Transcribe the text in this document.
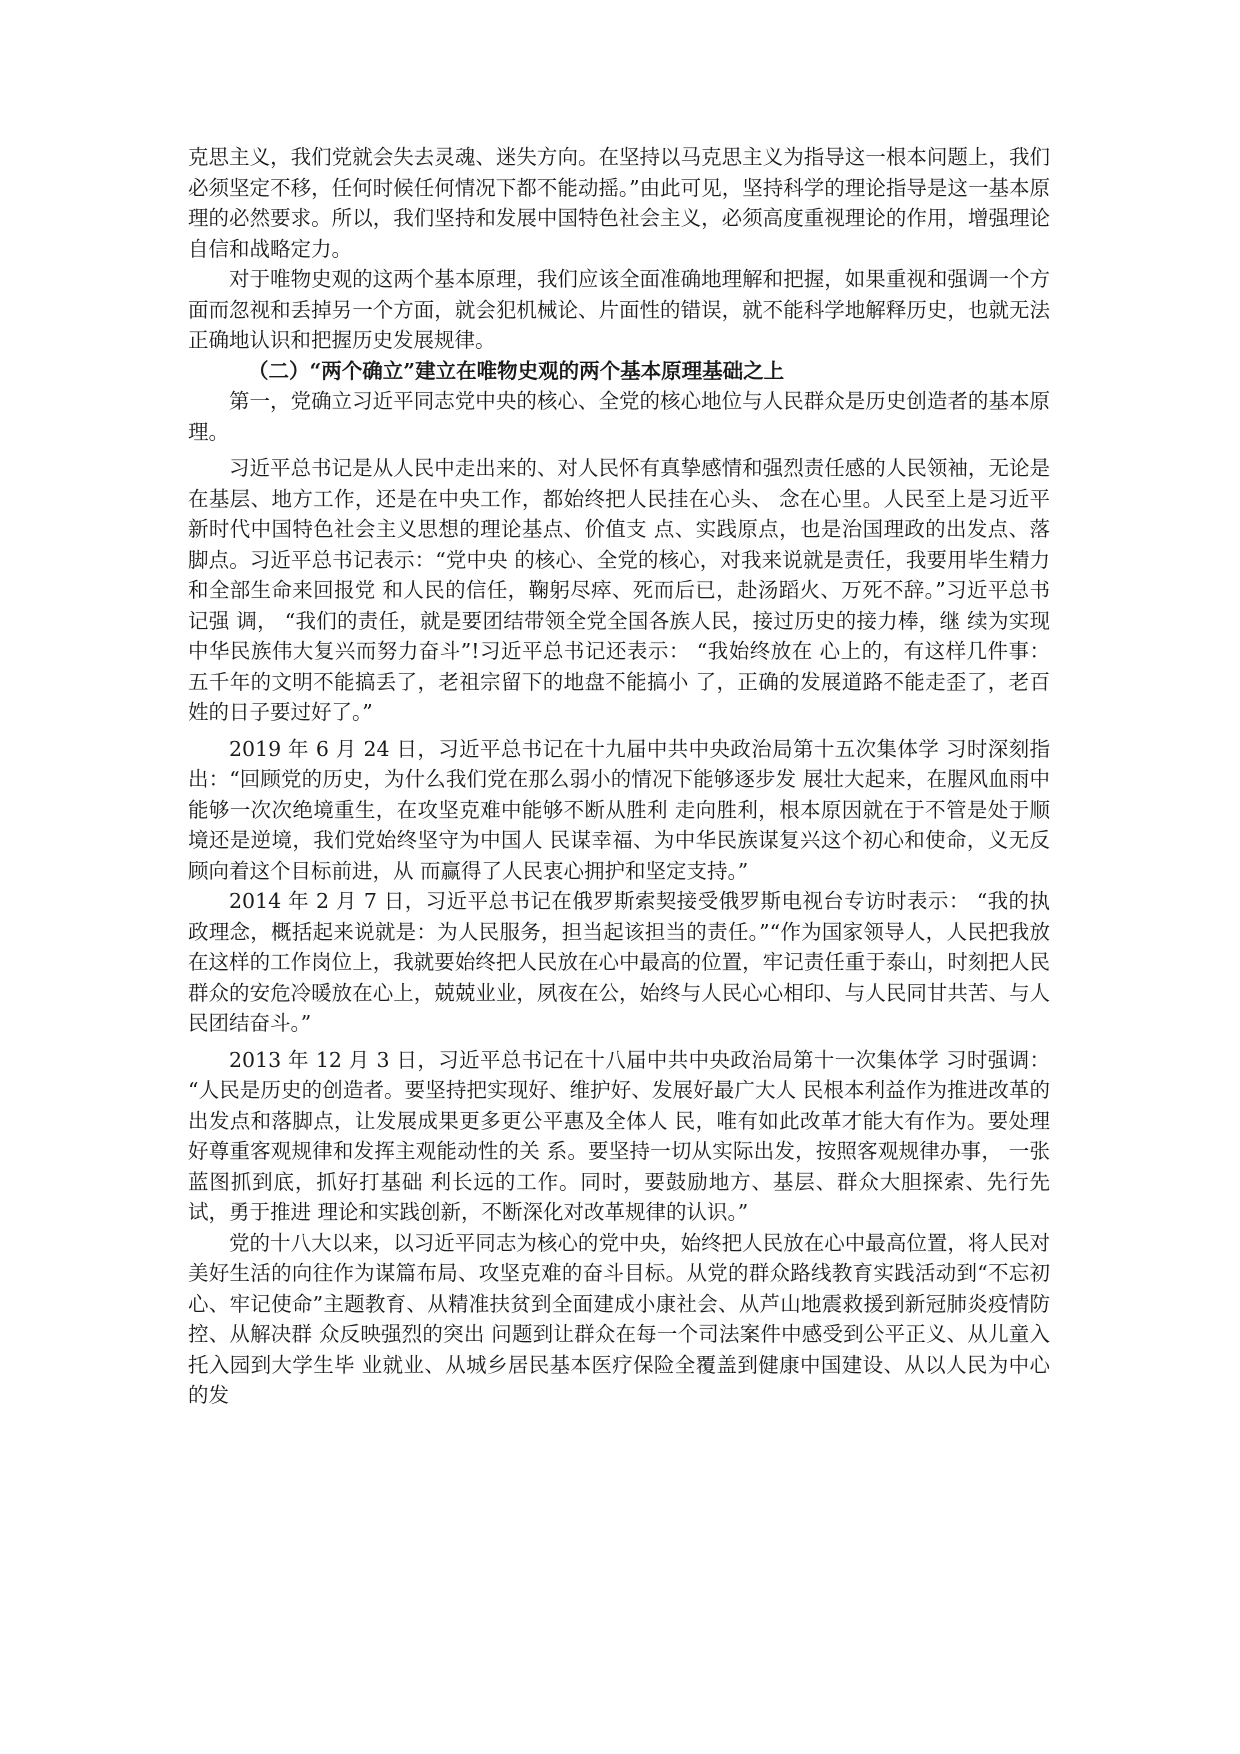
克思主义，我们党就会失去灵魂、迷失方向。在坚持以马克思主义为指导这一根本问题上，我们必须坚定不移，任何时候任何情况下都不能动摇。”由此可见，坚持科学的理论指导是这一基本原理的必然要求。所以，我们坚持和发展中国特色社会主义，必须高度重视理论的作用，增强理论自信和战略定力。

对于唯物史观的这两个基本原理，我们应该全面准确地理解和把握，如果重视和强调一个方面而忽视和丢掉另一个方面，就会犯机械论、片面性的错误，就不能科学地解释历史，也就无法正确地认识和把握历史发展规律。

（二）“两个确立”建立在唯物史观的两个基本原理基础之上

第一，党确立习近平同志党中央的核心、全党的核心地位与人民群众是历史创造者的基本原理。

习近平总书记是从人民中走出来的、对人民怀有真挚感情和强烈责任感的人民领袖，无论是在基层、地方工作，还是在中央工作，都始终把人民挂在心头、 念在心里。人民至上是习近平新时代中国特色社会主义思想的理论基点、价值支 点、实践原点，也是治国理政的出发点、落脚点。习近平总书记表示：“党中央 的核心、全党的核心，对我来说就是责任，我要用毕生精力和全部生命来回报党 和人民的信任，鞠躬尽瘁、死而后已，赴汤蹈火、万死不辞。”习近平总书记强 调， “我们的责任，就是要团结带领全党全国各族人民，接过历史的接力棒，继 续为实现中华民族伟大复兴而努力奋斗”!习近平总书记还表示： “我始终放在 心上的，有这样几件事：五千年的文明不能搞丢了，老祖宗留下的地盘不能搞小 了，正确的发展道路不能走歪了，老百姓的日子要过好了。”

2019 年 6 月 24 日，习近平总书记在十九届中共中央政治局第十五次集体学 习时深刻指出：“回顾党的历史，为什么我们党在那么弱小的情况下能够逐步发 展壮大起来，在腥风血雨中能够一次次绝境重生，在攻坚克难中能够不断从胜利 走向胜利，根本原因就在于不管是处于顺境还是逆境，我们党始终坚守为中国人 民谋幸福、为中华民族谋复兴这个初心和使命，义无反顾向着这个目标前进，从 而赢得了人民衷心拥护和坚定支持。”

2014 年 2 月 7 日，习近平总书记在俄罗斯索契接受俄罗斯电视台专访时表示： “我的执政理念，概括起来说就是：为人民服务，担当起该担当的责任。”“作为国家领导人，人民把我放在这样的工作岗位上，我就要始终把人民放在心中最高的位置，牢记责任重于泰山，时刻把人民群众的安危冷暖放在心上，兢兢业业，夙夜在公，始终与人民心心相印、与人民同甘共苦、与人民团结奋斗。”

2013 年 12 月 3 日，习近平总书记在十八届中共中央政治局第十一次集体学 习时强调： “人民是历史的创造者。要坚持把实现好、维护好、发展好最广大人 民根本利益作为推进改革的出发点和落脚点，让发展成果更多更公平惠及全体人 民，唯有如此改革才能大有作为。要处理好尊重客观规律和发挥主观能动性的关 系。要坚持一切从实际出发，按照客观规律办事， 一张蓝图抓到底，抓好打基础 利长远的工作。同时，要鼓励地方、基层、群众大胆探索、先行先试，勇于推进 理论和实践创新，不断深化对改革规律的认识。”

党的十八大以来，以习近平同志为核心的党中央，始终把人民放在心中最高位置，将人民对美好生活的向往作为谋篇布局、攻坚克难的奋斗目标。从党的群众路线教育实践活动到“不忘初心、牢记使命”主题教育、从精准扶贫到全面建成小康社会、从芦山地震救援到新冠肺炎疫情防控、从解决群 众反映强烈的突出 问题到让群众在每一个司法案件中感受到公平正义、从儿童入托入园到大学生毕 业就业、从城乡居民基本医疗保险全覆盖到健康中国建设、从以人民为中心的发
